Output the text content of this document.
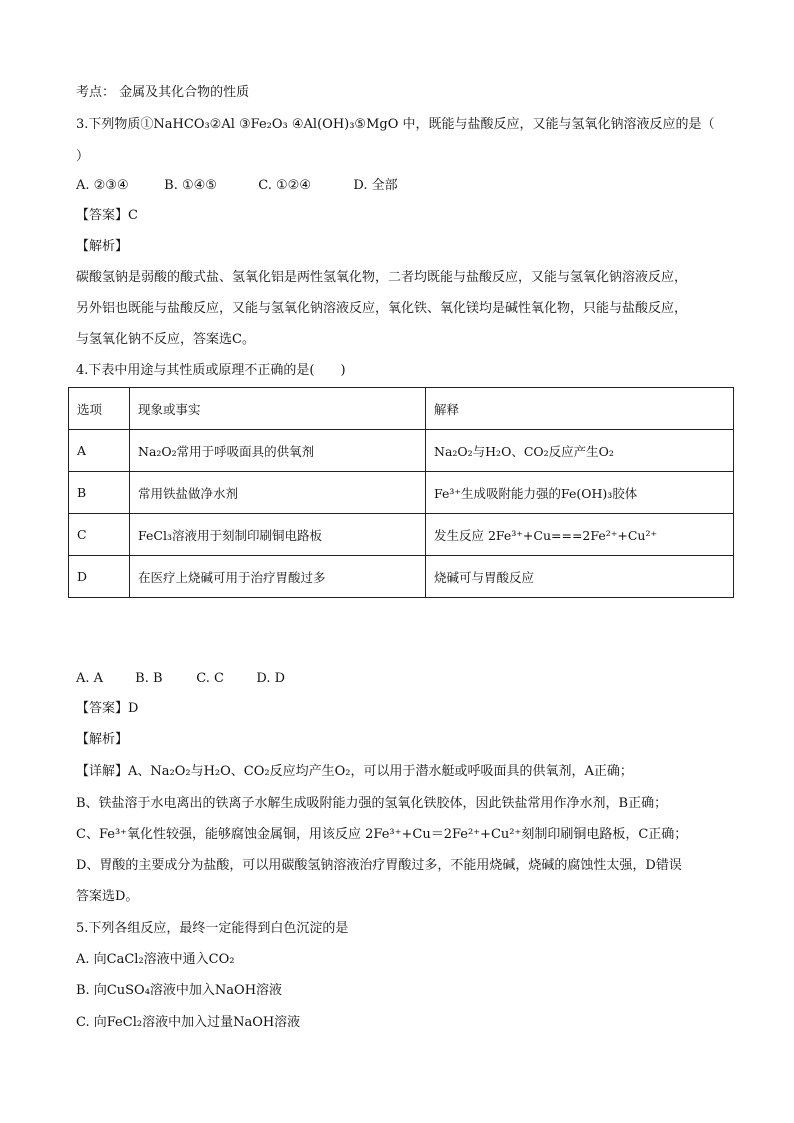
考点： 金属及其化合物的性质
3.下列物质①NaHCO₃②Al ③Fe₂O₃ ④Al(OH)₃⑤MgO 中，既能与盐酸反应，又能与氢氧化钠溶液反应的是（
）
A. ②③④	B. ①④⑤	C. ①②④	D. 全部
【答案】C
【解析】
碳酸氢钠是弱酸的酸式盐、氢氧化铝是两性氢氧化物，二者均既能与盐酸反应，又能与氢氧化钠溶液反应，
另外铝也既能与盐酸反应，又能与氢氧化钠溶液反应，氧化铁、氧化镁均是碱性氧化物，只能与盐酸反应，
与氢氧化钠不反应，答案选C。
4.下表中用途与其性质或原理不正确的是(　　)
选项	现象或事实	解释
A	Na₂O₂常用于呼吸面具的供氧剂	Na₂O₂与H₂O、CO₂反应产生O₂
B	常用铁盐做净水剂	Fe³⁺生成吸附能力强的Fe(OH)₃胶体
C	FeCl₃溶液用于刻制印刷铜电路板	发生反应 2Fe³⁺+Cu===2Fe²⁺+Cu²⁺
D	在医疗上烧碱可用于治疗胃酸过多	烧碱可与胃酸反应
A. A B. B	C. C D. D
【答案】D
【解析】
【详解】A、Na₂O₂与H₂O、CO₂反应均产生O₂，可以用于潜水艇或呼吸面具的供氧剂，A正确；
B、铁盐溶于水电离出的铁离子水解生成吸附能力强的氢氧化铁胶体，因此铁盐常用作净水剂，B正确；
C、Fe³⁺氧化性较强，能够腐蚀金属铜，用该反应 2Fe³⁺+Cu＝2Fe²⁺+Cu²⁺刻制印刷铜电路板，C正确；
D、胃酸的主要成分为盐酸，可以用碳酸氢钠溶液治疗胃酸过多，不能用烧碱，烧碱的腐蚀性太强，D错误
答案选D。
5.下列各组反应，最终一定能得到白色沉淀的是
A. 向CaCl₂溶液中通入CO₂
B. 向CuSO₄溶液中加入NaOH溶液
C. 向FeCl₂溶液中加入过量NaOH溶液
